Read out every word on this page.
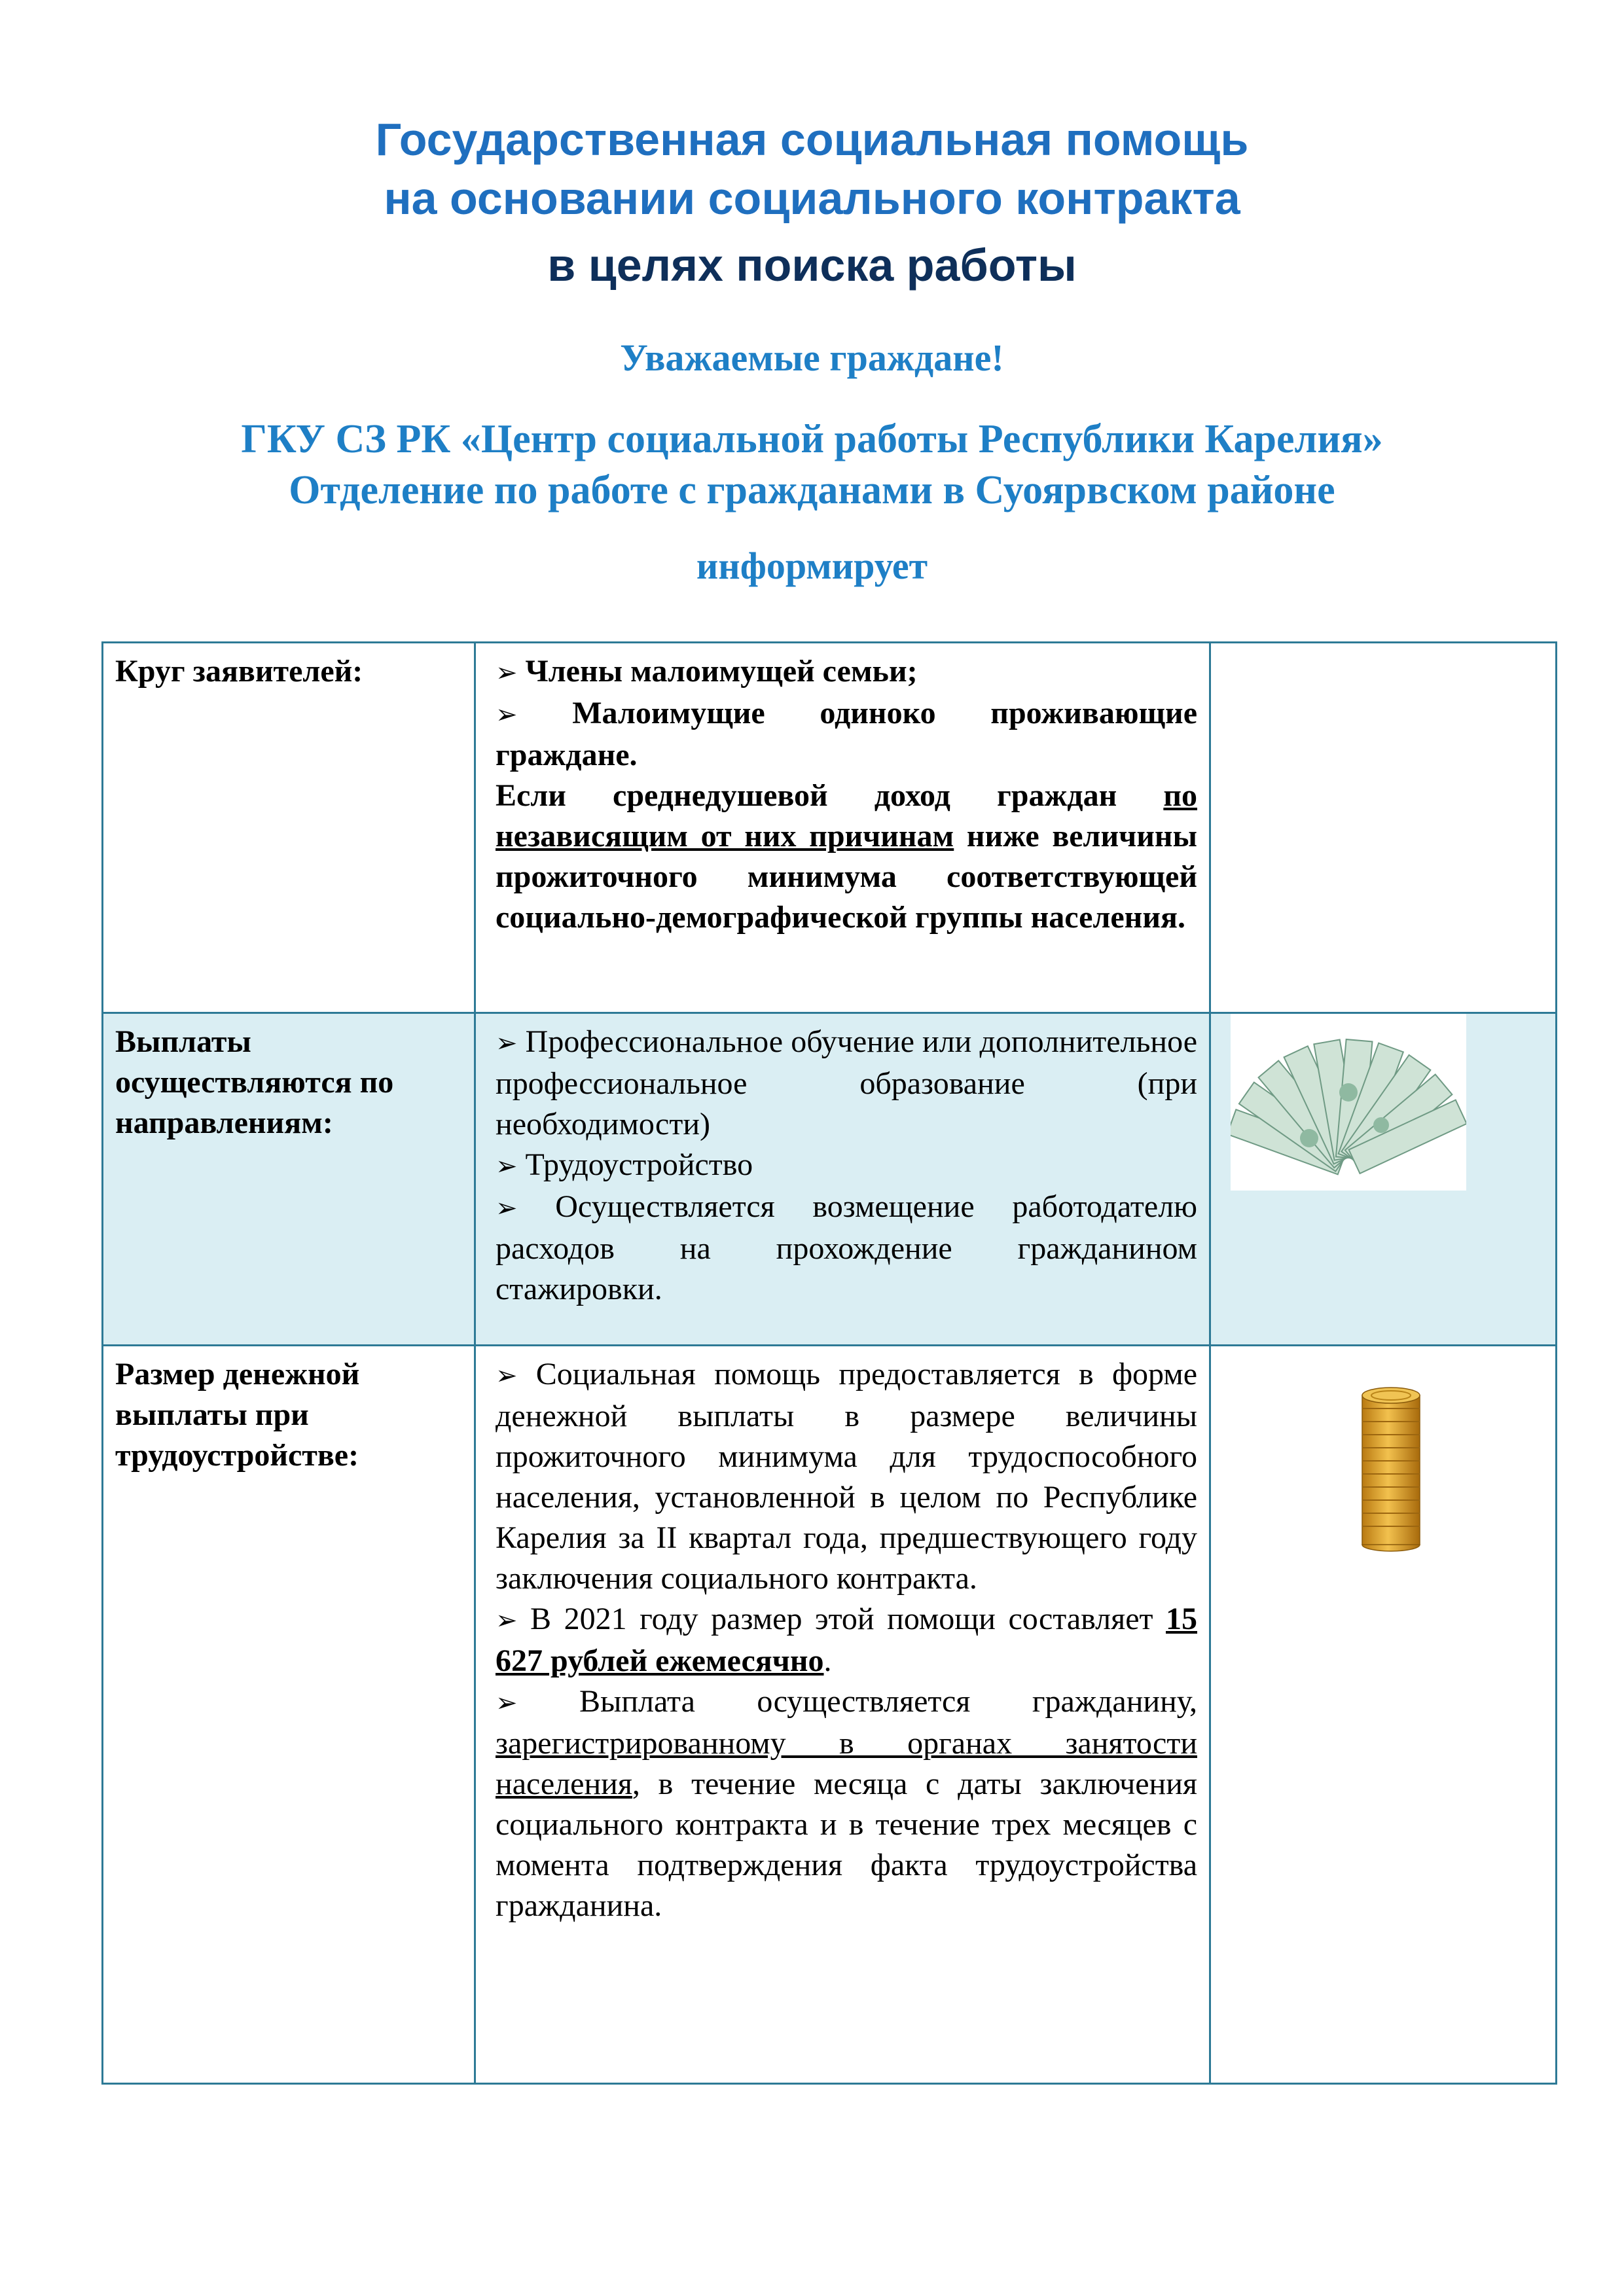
Государственная социальная помощь
на основании социального контракта
в целях поиска работы
Уважаемые граждане!
ГКУ СЗ РК «Центр социальной работы Республики Карелия»
Отделение по работе с гражданами в Суоярвском районе
информирует
Круг заявителей:	➢ Члены малоимущей семьи;

➢ Малоимущие одиноко проживающие граждане.

Если среднедушевой доход граждан по независящим от них причинам ниже величины прожиточного минимума соответствующей социально-демографической группы населения.	

Выплаты осуществляются по направлениям:	➢ Профессиональное обучение или дополнительное профессиональное образование (при необходимости)

➢ Трудоустройство

➢ Осуществляется возмещение работодателю расходов на прохождение гражданином стажировки.

Размер денежной выплаты при трудоустройстве:	➢ Социальная помощь предоставляется в форме денежной выплаты в размере величины прожиточного минимума для трудоспособного населения, установленной в целом по Республике Карелия за II квартал года, предшествующего году заключения социального контракта.

➢ В 2021 году размер этой помощи составляет 15 627 рублей ежемесячно.

➢ Выплата осуществляется гражданину, зарегистрированному в органах занятости населения, в течение месяца с даты заключения социального контракта и в течение трех месяцев с момента подтверждения факта трудоустройства гражданина.
